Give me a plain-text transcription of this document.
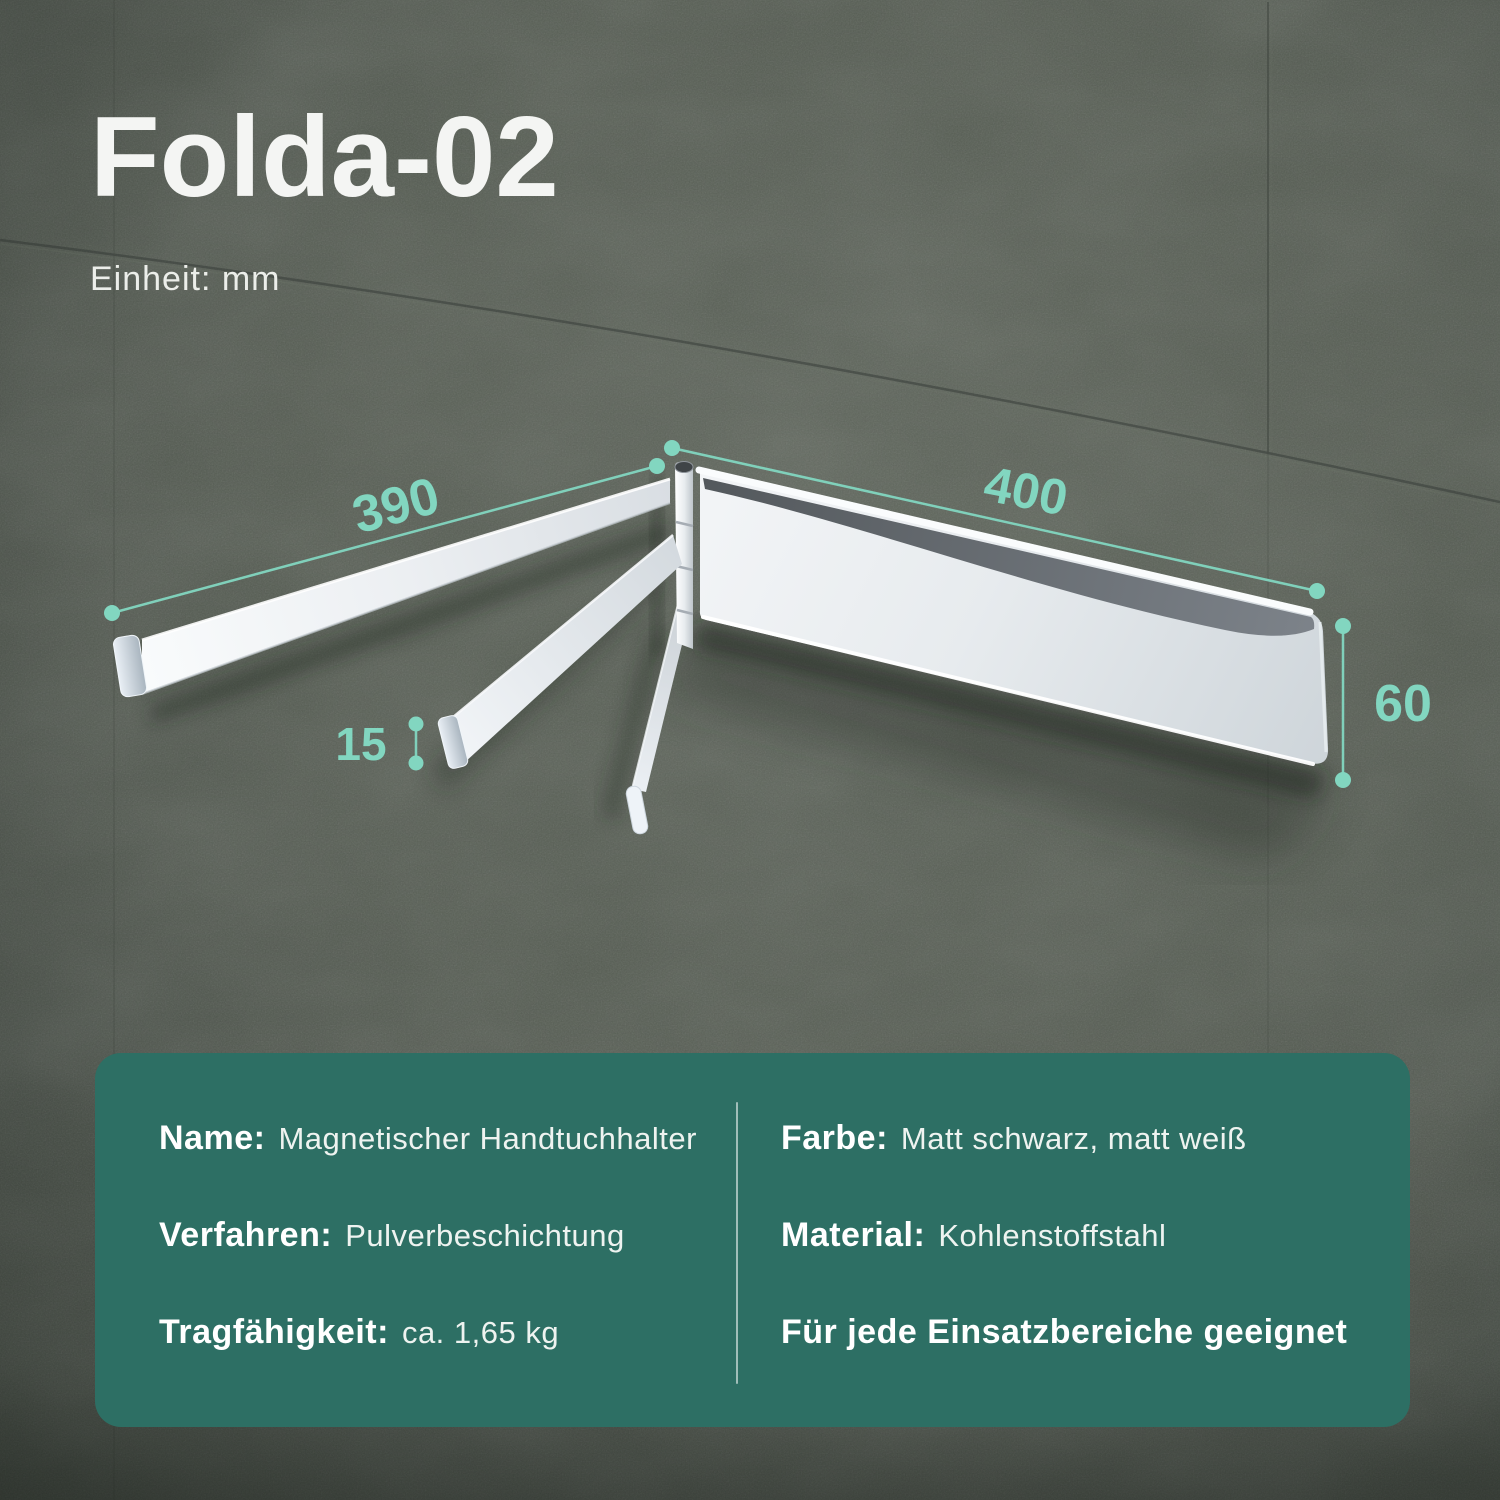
Folda-02
Einheit: mm
Name: Magnetischer Handtuchhalter
Verfahren: Pulverbeschichtung
Tragfähigkeit: ca. 1,65 kg
Farbe: Matt schwarz, matt weiß
Material: Kohlenstoffstahl
Für jede Einsatzbereiche geeignet
